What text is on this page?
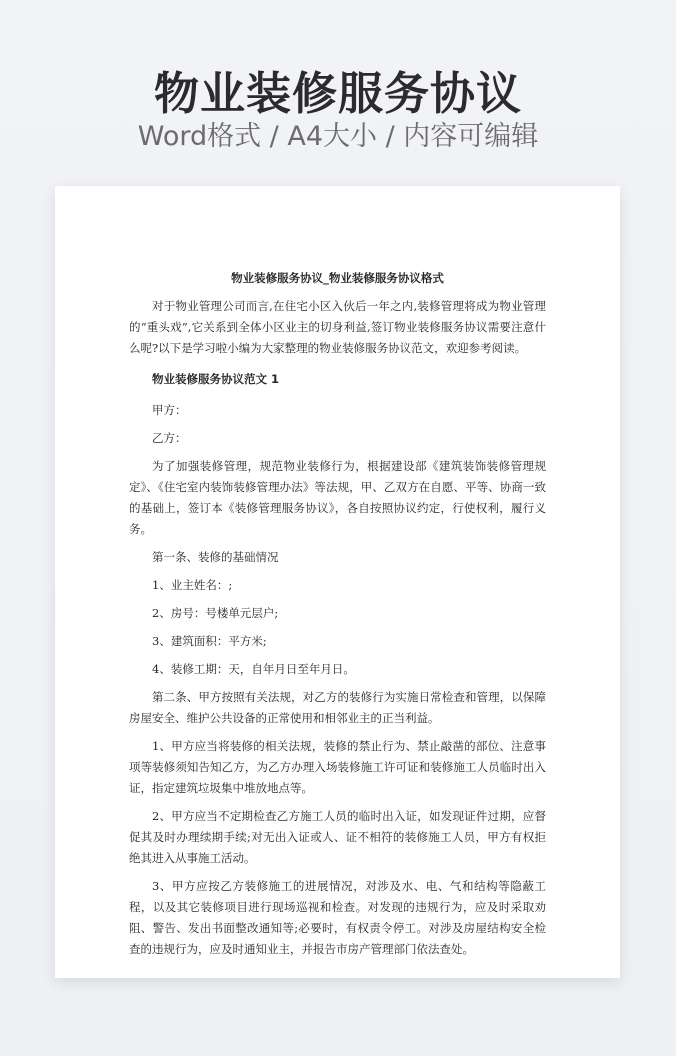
物业装修服务协议
Word格式 / A4大小 / 内容可编辑
物业装修服务协议_物业装修服务协议格式

对于物业管理公司而言,在住宅小区入伙后一年之内,装修管理将成为物业管理的“重头戏”,它关系到全体小区业主的切身利益,签订物业装修服务协议需要注意什么呢?以下是学习啦小编为大家整理的物业装修服务协议范文，欢迎参考阅读。

物业装修服务协议范文 1

甲方：

乙方：

为了加强装修管理，规范物业装修行为，根据建设部《建筑装饰装修管理规定》、《住宅室内装饰装修管理办法》等法规，甲、乙双方在自愿、平等、协商一致的基础上，签订本《装修管理服务协议》，各自按照协议约定，行使权利，履行义务。

第一条、装修的基础情况

1、业主姓名：;

2、房号：号楼单元层户;

3、建筑面积：平方米;

4、装修工期：天，自年月日至年月日。

第二条、甲方按照有关法规，对乙方的装修行为实施日常检查和管理，以保障房屋安全、维护公共设备的正常使用和相邻业主的正当利益。

1、甲方应当将装修的相关法规，装修的禁止行为、禁止敲凿的部位、注意事项等装修须知告知乙方，为乙方办理入场装修施工许可证和装修施工人员临时出入证，指定建筑垃圾集中堆放地点等。

2、甲方应当不定期检查乙方施工人员的临时出入证，如发现证件过期，应督促其及时办理续期手续;对无出入证或人、证不相符的装修施工人员，甲方有权拒绝其进入从事施工活动。

3、甲方应按乙方装修施工的进展情况，对涉及水、电、气和结构等隐蔽工程，以及其它装修项目进行现场巡视和检查。对发现的违规行为，应及时采取劝阻、警告、发出书面整改通知等;必要时，有权责令停工。对涉及房屋结构安全检查的违规行为，应及时通知业主，并报告市房产管理部门依法查处。
